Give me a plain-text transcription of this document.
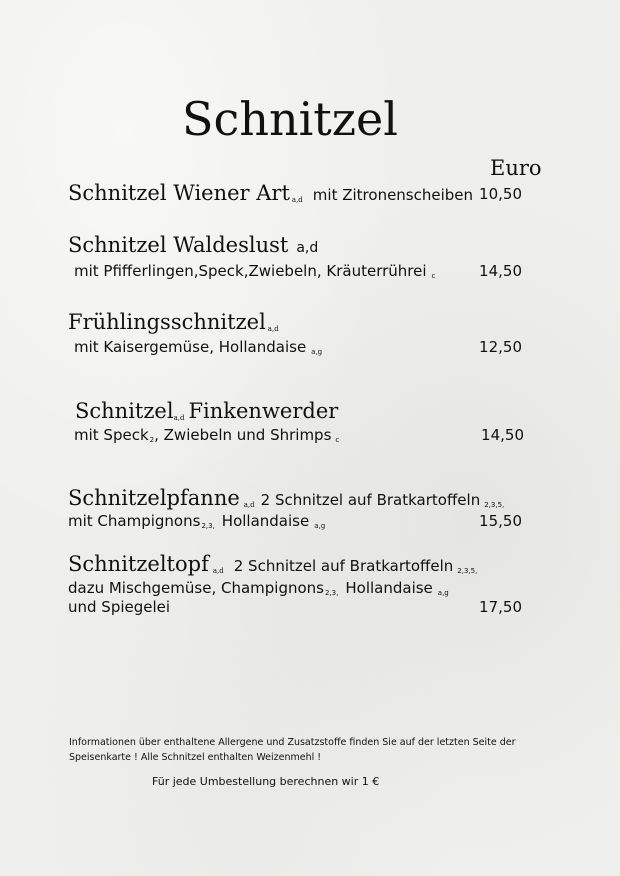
Schnitzel
Euro
Schnitzel Wiener Art $_{a,d}$ mit Zitronenscheiben 10,50
Schnitzel Waldeslust a,d
mit Pfifferlingen,Speck,Zwiebeln, Kräuterrührei $_c$	14,50
Frühlingsschnitzel $_{a,d}$
mit Kaisergemüse, Hollandaise $_{a,g}$	12,50
Schnitzel$_{a,d}$ Finkenwerder
mit Speck$_2$, Zwiebeln und Shrimps $_c$	14,50
Schnitzelpfanne $_{a,d}$ 2 Schnitzel auf Bratkartoffeln $_{2,3,5,}$
mit Champignons$_{2,3,}$ Hollandaise $_{a,g}$	15,50
Schnitzeltopf $_{a,d}$ 2 Schnitzel auf Bratkartoffeln $_{2,3,5,}$
dazu Mischgemüse, Champignons$_{2,3,}$ Hollandaise $_{a,g}$
und Spiegelei	17,50
Informationen über enthaltene Allergene und Zusatzstoffe finden Sie auf der letzten Seite der
Speisenkarte ! Alle Schnitzel enthalten Weizenmehl !
Für jede Umbestellung berechnen wir 1 €
